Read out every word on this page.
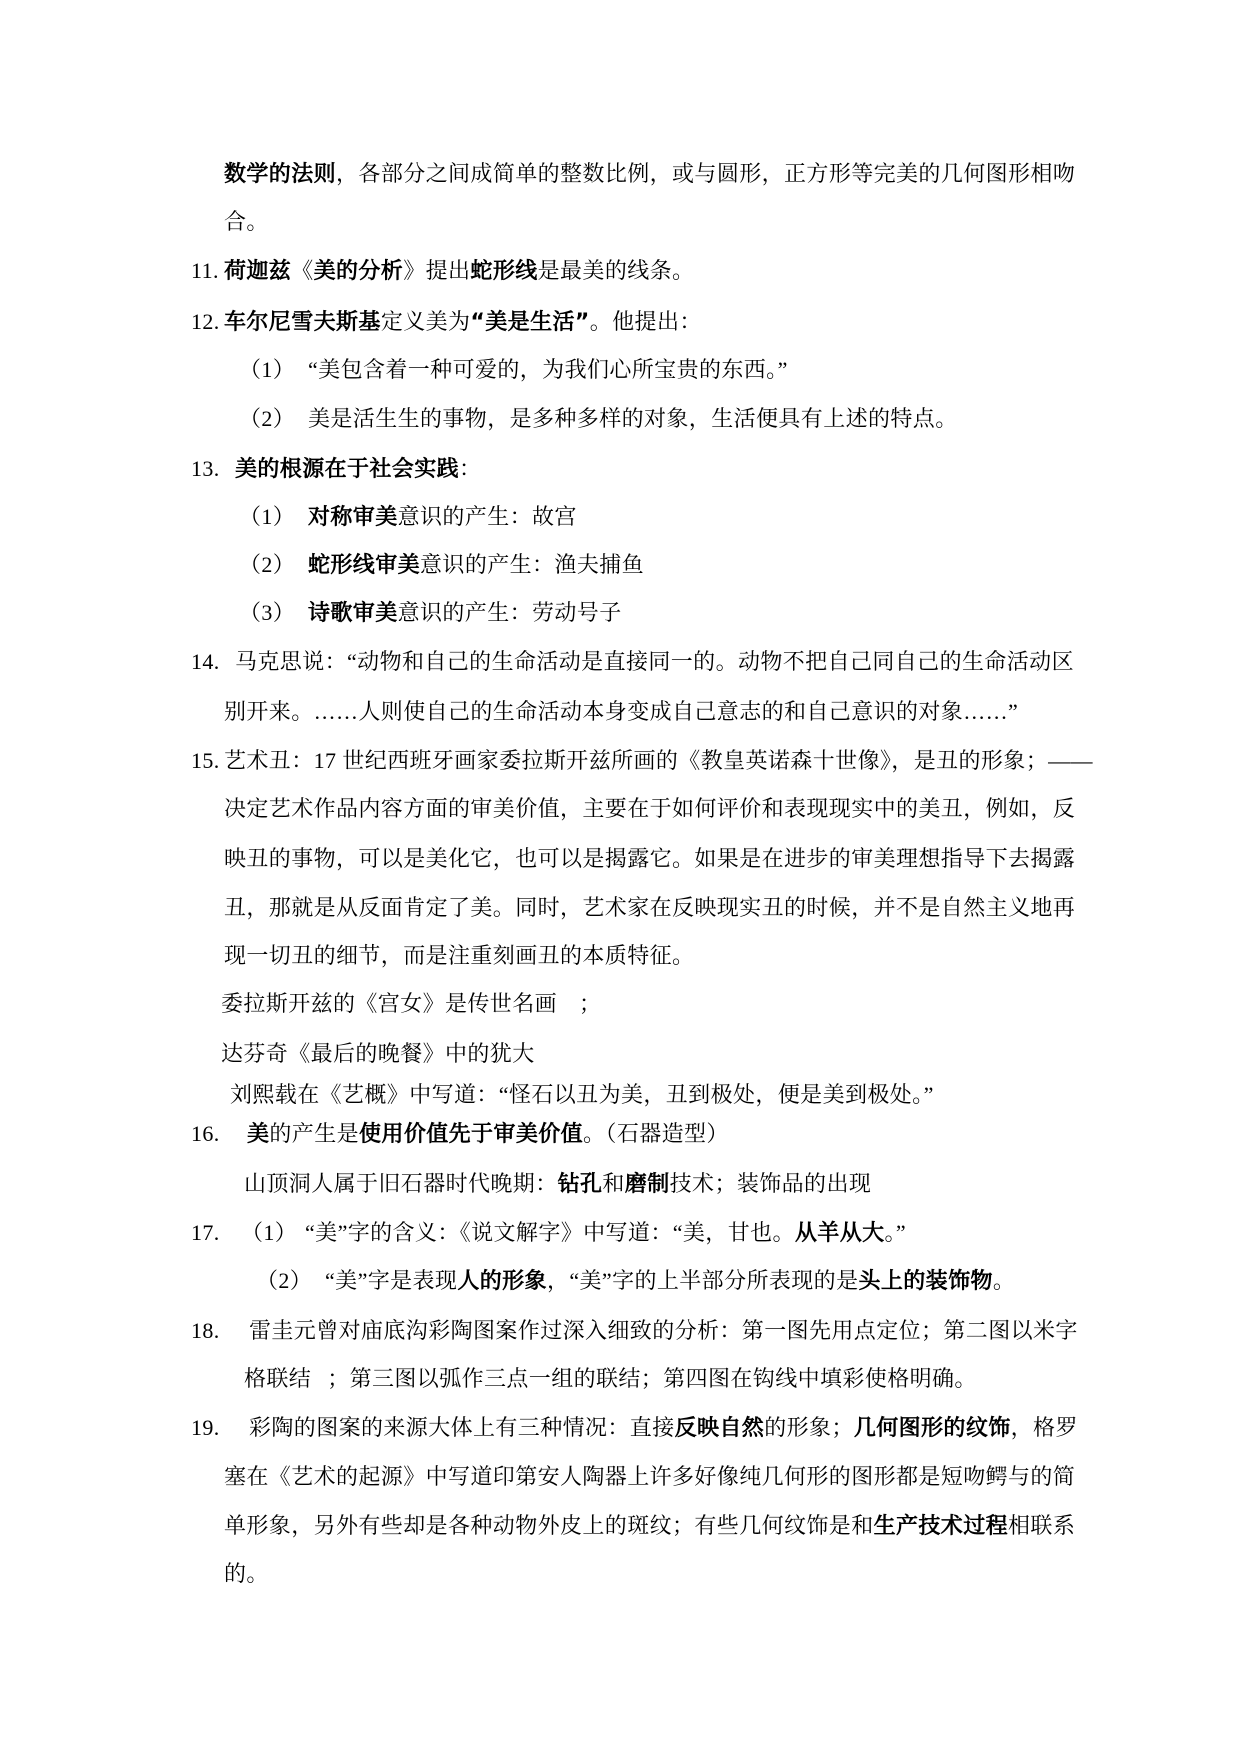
数学的法则，各部分之间成简单的整数比例，或与圆形，正方形等完美的几何图形相吻
合。
11. 荷迦兹《美的分析》提出蛇形线是最美的线条。
12. 车尔尼雪夫斯基定义美为“美是生活”。他提出：
（1） “美包含着一种可爱的，为我们心所宝贵的东西。”
（2） 美是活生生的事物，是多种多样的对象，生活便具有上述的特点。
13. 美的根源在于社会实践：
（1） 对称审美意识的产生：故宫
（2） 蛇形线审美意识的产生：渔夫捕鱼
（3） 诗歌审美意识的产生：劳动号子
14. 马克思说：“动物和自己的生命活动是直接同一的。动物不把自己同自己的生命活动区
别开来。……人则使自己的生命活动本身变成自己意志的和自己意识的对象……”
15. 艺术丑：17 世纪西班牙画家委拉斯开兹所画的《教皇英诺森十世像》，是丑的形象；——
决定艺术作品内容方面的审美价值，主要在于如何评价和表现现实中的美丑，例如，反
映丑的事物，可以是美化它，也可以是揭露它。如果是在进步的审美理想指导下去揭露
丑，那就是从反面肯定了美。同时，艺术家在反映现实丑的时候，并不是自然主义地再
现一切丑的细节，而是注重刻画丑的本质特征。
委拉斯开兹的《宫女》是传世名画 ；
达芬奇《最后的晚餐》中的犹大
刘熙载在《艺概》中写道：“怪石以丑为美，丑到极处，便是美到极处。”
16. 美的产生是使用价值先于审美价值。（石器造型）
山顶洞人属于旧石器时代晚期：钻孔和磨制技术；装饰品的出现
17. （1） “美”字的含义：《说文解字》中写道：“美，甘也。从羊从大。”
（2） “美”字是表现人的形象，“美”字的上半部分所表现的是头上的装饰物。
18. 雷圭元曾对庙底沟彩陶图案作过深入细致的分析：第一图先用点定位；第二图以米字
格联结 ；第三图以弧作三点一组的联结；第四图在钩线中填彩使格明确。
19. 彩陶的图案的来源大体上有三种情况：直接反映自然的形象；几何图形的纹饰，格罗
塞在《艺术的起源》中写道印第安人陶器上许多好像纯几何形的图形都是短吻鳄与的简
单形象，另外有些却是各种动物外皮上的斑纹；有些几何纹饰是和生产技术过程相联系
的。
